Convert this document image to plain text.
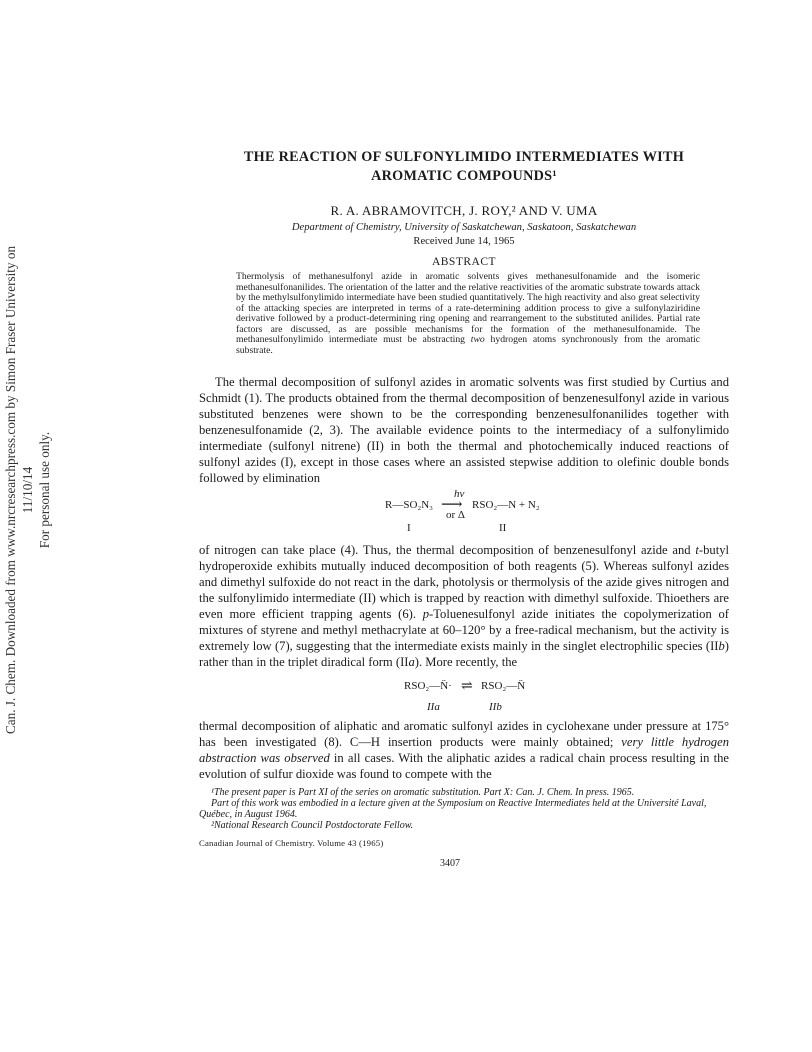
Can. J. Chem. Downloaded from www.nrcresearchpress.com by Simon Fraser University on 11/10/14 For personal use only.

THE REACTION OF SULFONYLIMIDO INTERMEDIATES WITH
AROMATIC COMPOUNDS¹

R. A. ABRAMOVITCH, J. ROY,² AND V. UMA
Department of Chemistry, University of Saskatchewan, Saskatoon, Saskatchewan
Received June 14, 1965
ABSTRACT
Thermolysis of methanesulfonyl azide in aromatic solvents gives methanesulfonamide and the isomeric methanesulfonanilides. The orientation of the latter and the relative reactivities of the aromatic substrate towards attack by the methylsulfonylimido intermediate have been studied quantitatively. The high reactivity and also great selectivity of the attacking species are interpreted in terms of a rate-determining addition process to give a sulfonylaziridine derivative followed by a product-determining ring opening and rearrangement to the substituted anilides. Partial rate factors are discussed, as are possible mechanisms for the formation of the methanesulfonamide. The methanesulfonylimido intermediate must be abstracting two hydrogen atoms synchronously from the aromatic substrate.

The thermal decomposition of sulfonyl azides in aromatic solvents was first studied by Curtius and Schmidt (1). The products obtained from the thermal decomposition of benzenesulfonyl azide in various substituted benzenes were shown to be the corresponding benzenesulfonanilides together with benzenesulfonamide (2, 3). The available evidence points to the intermediacy of a sulfonylimido intermediate (sulfonyl nitrene) (II) in both the thermal and photochemically induced reactions of sulfonyl azides (I), except in those cases where an assisted stepwise addition to olefinic double bonds followed by elimination

R—SO₂N₃
hν
⟶
or Δ
RSO₂—N + N₂
I	II

of nitrogen can take place (4). Thus, the thermal decomposition of benzenesulfonyl azide and t-butyl hydroperoxide exhibits mutually induced decomposition of both reagents (5). Whereas sulfonyl azides and dimethyl sulfoxide do not react in the dark, photolysis or thermolysis of the azide gives nitrogen and the sulfonylimido intermediate (II) which is trapped by reaction with dimethyl sulfoxide. Thioethers are even more efficient trapping agents (6). p-Toluenesulfonyl azide initiates the copolymerization of mixtures of styrene and methyl methacrylate at 60–120° by a free-radical mechanism, but the activity is extremely low (7), suggesting that the intermediate exists mainly in the singlet electrophilic species (IIb) rather than in the triplet diradical form (IIa). More recently, the

RSO₂—N̈· ⇌ RSO₂—N̈
IIa	IIb

thermal decomposition of aliphatic and aromatic sulfonyl azides in cyclohexane under pressure at 175° has been investigated (8). C—H insertion products were mainly obtained; very little hydrogen abstraction was observed in all cases. With the aliphatic azides a radical chain process resulting in the evolution of sulfur dioxide was found to compete with the

¹The present paper is Part XI of the series on aromatic substitution. Part X: Can. J. Chem. In press. 1965.

Part of this work was embodied in a lecture given at the Symposium on Reactive Intermediates held at the Université Laval, Québec, in August 1964.

²National Research Council Postdoctorate Fellow.

Canadian Journal of Chemistry. Volume 43 (1965)
3407
